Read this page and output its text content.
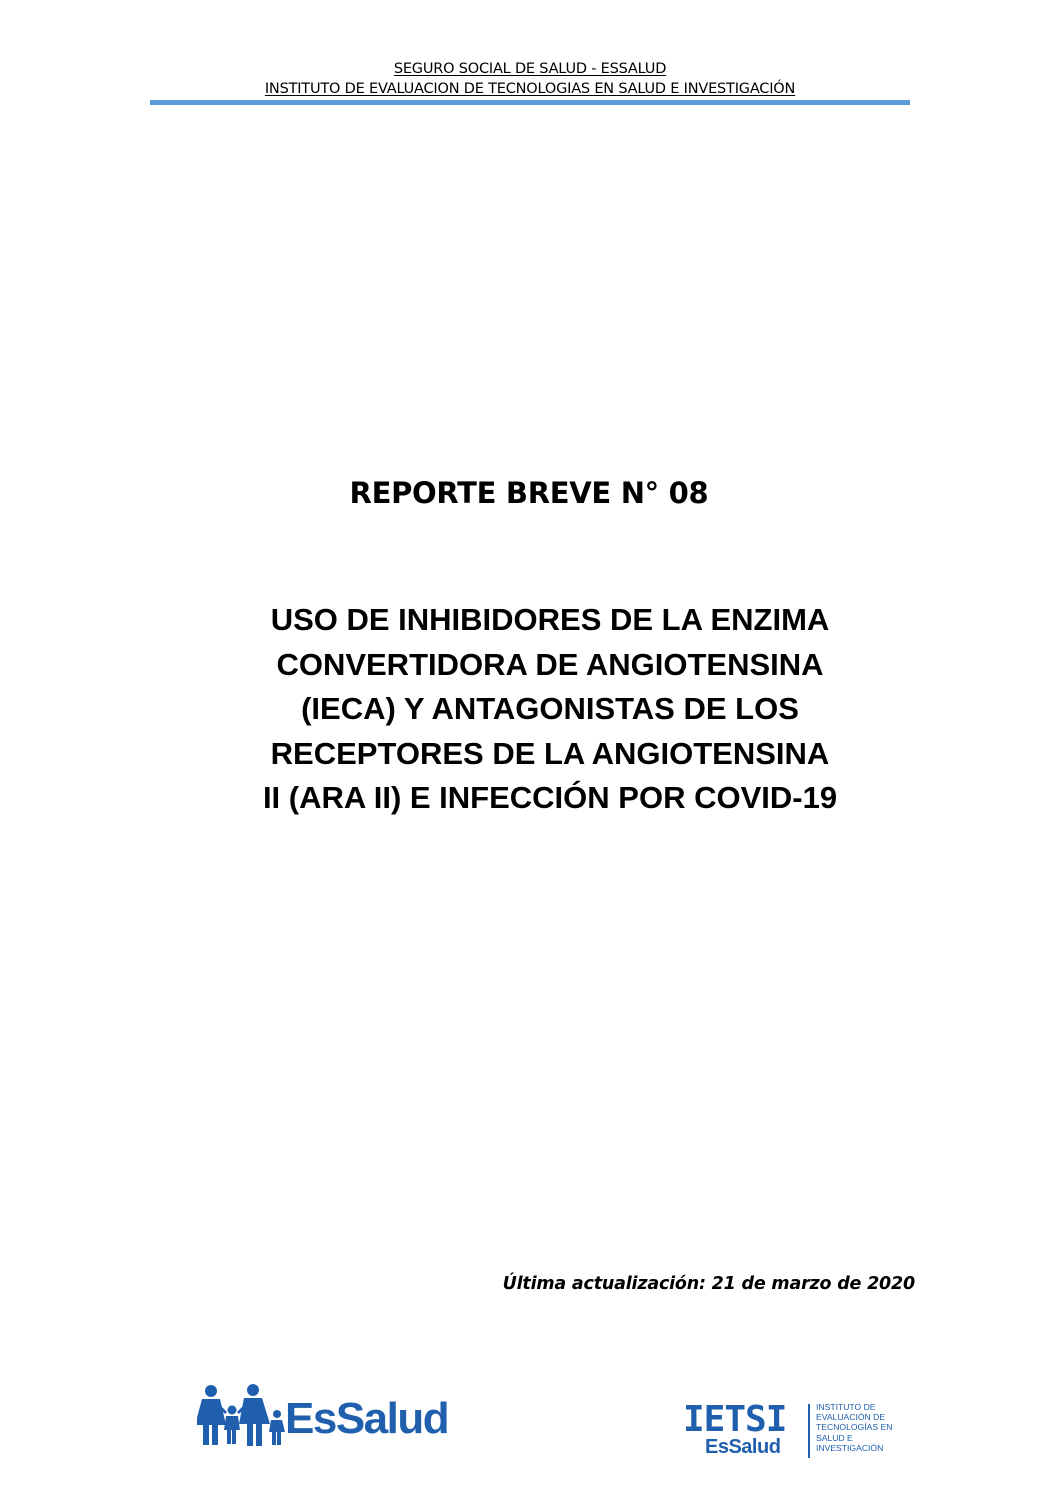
SEGURO SOCIAL DE SALUD - ESSALUD
INSTITUTO DE EVALUACION DE TECNOLOGIAS EN SALUD E INVESTIGACIÓN
REPORTE BREVE N° 08
USO DE INHIBIDORES DE LA ENZIMA
CONVERTIDORA DE ANGIOTENSINA
(IECA) Y ANTAGONISTAS DE LOS
RECEPTORES DE LA ANGIOTENSINA
II (ARA II) E INFECCIÓN POR COVID-19
Última actualización: 21 de marzo de 2020
EsSalud	IETSI
EsSalud
INSTITUTO DE
EVALUACIÓN DE
TECNOLOGÍAS EN
SALUD E
INVESTIGACIÓN
